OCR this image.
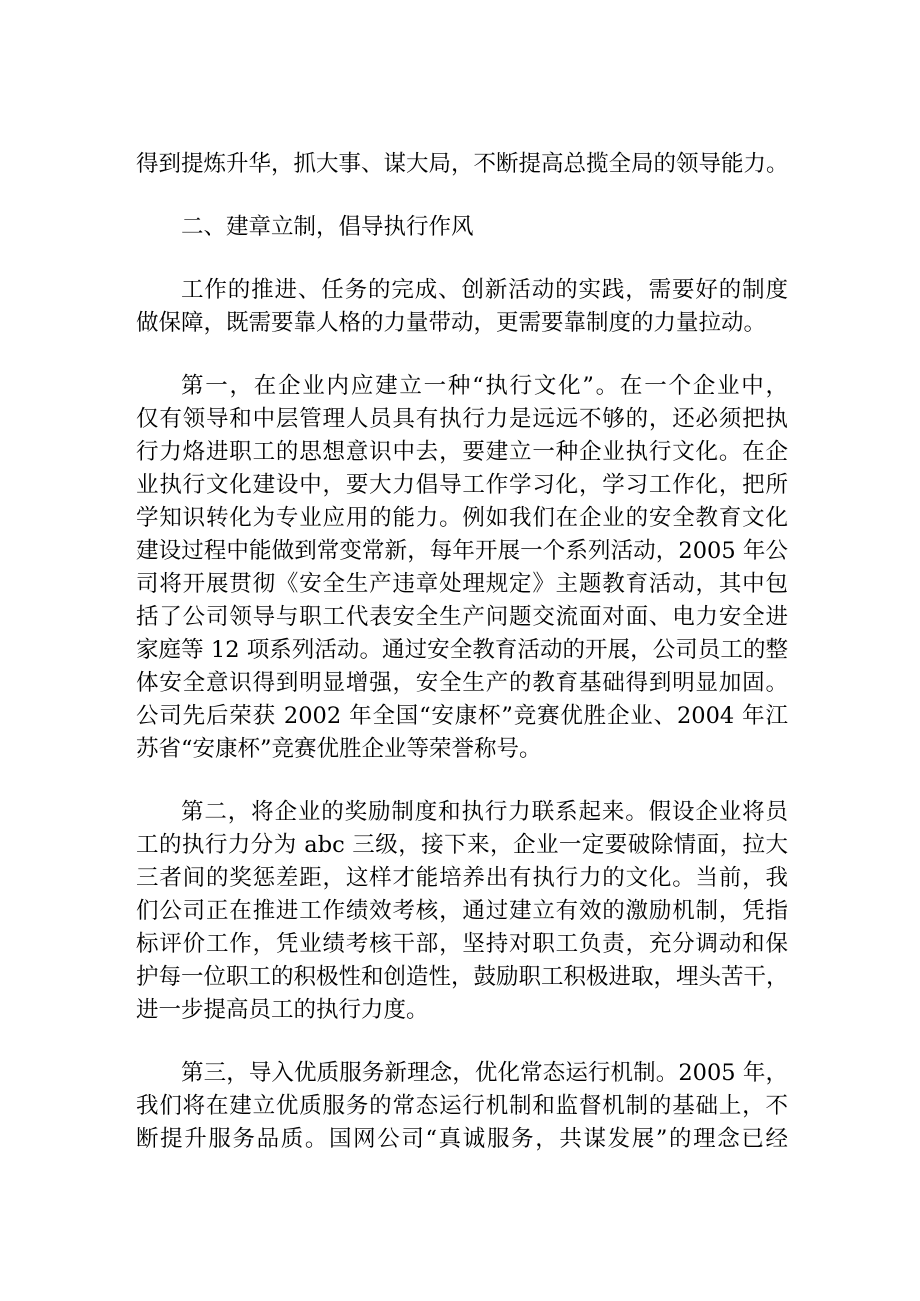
得到提炼升华，抓大事、谋大局，不断提高总揽全局的领导能力。
二、建章立制，倡导执行作风
工作的推进、任务的完成、创新活动的实践，需要好的制度
做保障，既需要靠人格的力量带动，更需要靠制度的力量拉动。
第一，在企业内应建立一种“执行文化”。在一个企业中，
仅有领导和中层管理人员具有执行力是远远不够的，还必须把执
行力烙进职工的思想意识中去，要建立一种企业执行文化。在企
业执行文化建设中，要大力倡导工作学习化，学习工作化，把所
学知识转化为专业应用的能力。例如我们在企业的安全教育文化
建设过程中能做到常变常新，每年开展一个系列活动，2005 年公
司将开展贯彻《安全生产违章处理规定》主题教育活动，其中包
括了公司领导与职工代表安全生产问题交流面对面、电力安全进
家庭等 12 项系列活动。通过安全教育活动的开展，公司员工的整
体安全意识得到明显增强，安全生产的教育基础得到明显加固。
公司先后荣获 2002 年全国“安康杯”竞赛优胜企业、2004 年江
苏省“安康杯”竞赛优胜企业等荣誉称号。
第二，将企业的奖励制度和执行力联系起来。假设企业将员
工的执行力分为 abc 三级，接下来，企业一定要破除情面，拉大
三者间的奖惩差距，这样才能培养出有执行力的文化。当前，我
们公司正在推进工作绩效考核，通过建立有效的激励机制，凭指
标评价工作，凭业绩考核干部，坚持对职工负责，充分调动和保
护每一位职工的积极性和创造性，鼓励职工积极进取，埋头苦干，
进一步提高员工的执行力度。
第三，导入优质服务新理念，优化常态运行机制。2005 年，
我们将在建立优质服务的常态运行机制和监督机制的基础上，不
断提升服务品质。国网公司“真诚服务，共谋发展”的理念已经
